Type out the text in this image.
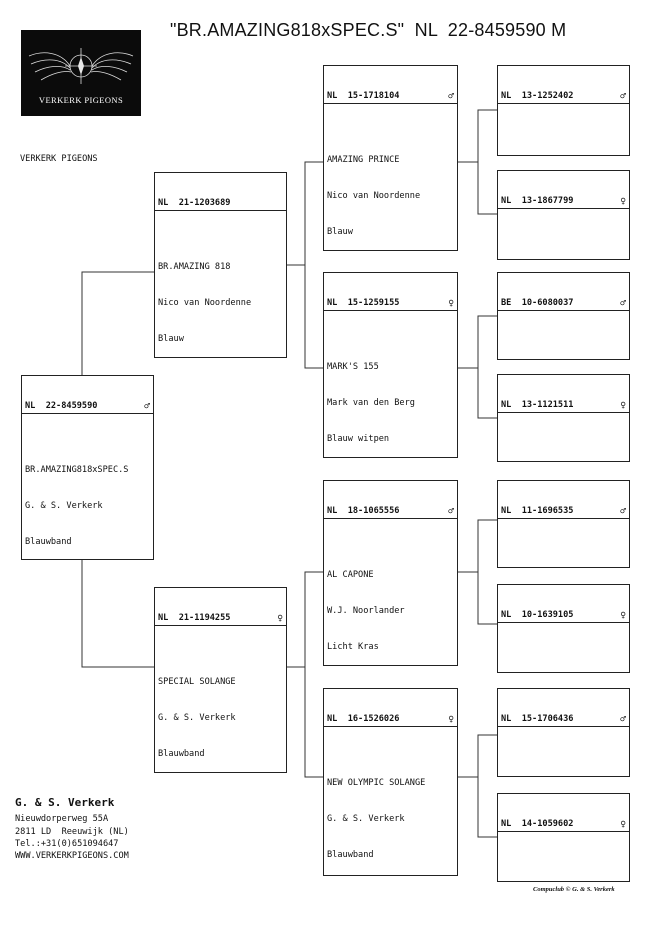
"BR.AMAZING818xSPEC.S"  NL  22-8459590 M
VERKERK PIGEONS
VERKERK PIGEONS

NL  22-8459590	♂

BR.AMAZING818xSPEC.S

G. & S. Verkerk

Blauwband

NL  21-1203689

BR.AMAZING 818

Nico van Noordenne

Blauw

NL  21-1194255	♀

SPECIAL SOLANGE

G. & S. Verkerk

Blauwband

NL  15-1718104	♂

AMAZING PRINCE

Nico van Noordenne

Blauw

NL  15-1259155	♀

MARK'S 155

Mark van den Berg

Blauw witpen

NL  18-1065556	♂

AL CAPONE

W.J. Noorlander

Licht Kras

NL  16-1526026	♀

NEW OLYMPIC SOLANGE

G. & S. Verkerk

Blauwband

NL  13-1252402	♂

NL  13-1867799	♀

BE  10-6080037	♂

NL  13-1121511	♀

NL  11-1696535	♂

NL  10-1639105	♀

NL  15-1706436	♂

NL  14-1059602	♀

G. & S. Verkerk
Nieuwdorperweg 55A
2811 LD  Reeuwijk (NL)
Tel.:+31(0)651094647
WWW.VERKERKPIGEONS.COM
Compuclub © G. & S. Verkerk
